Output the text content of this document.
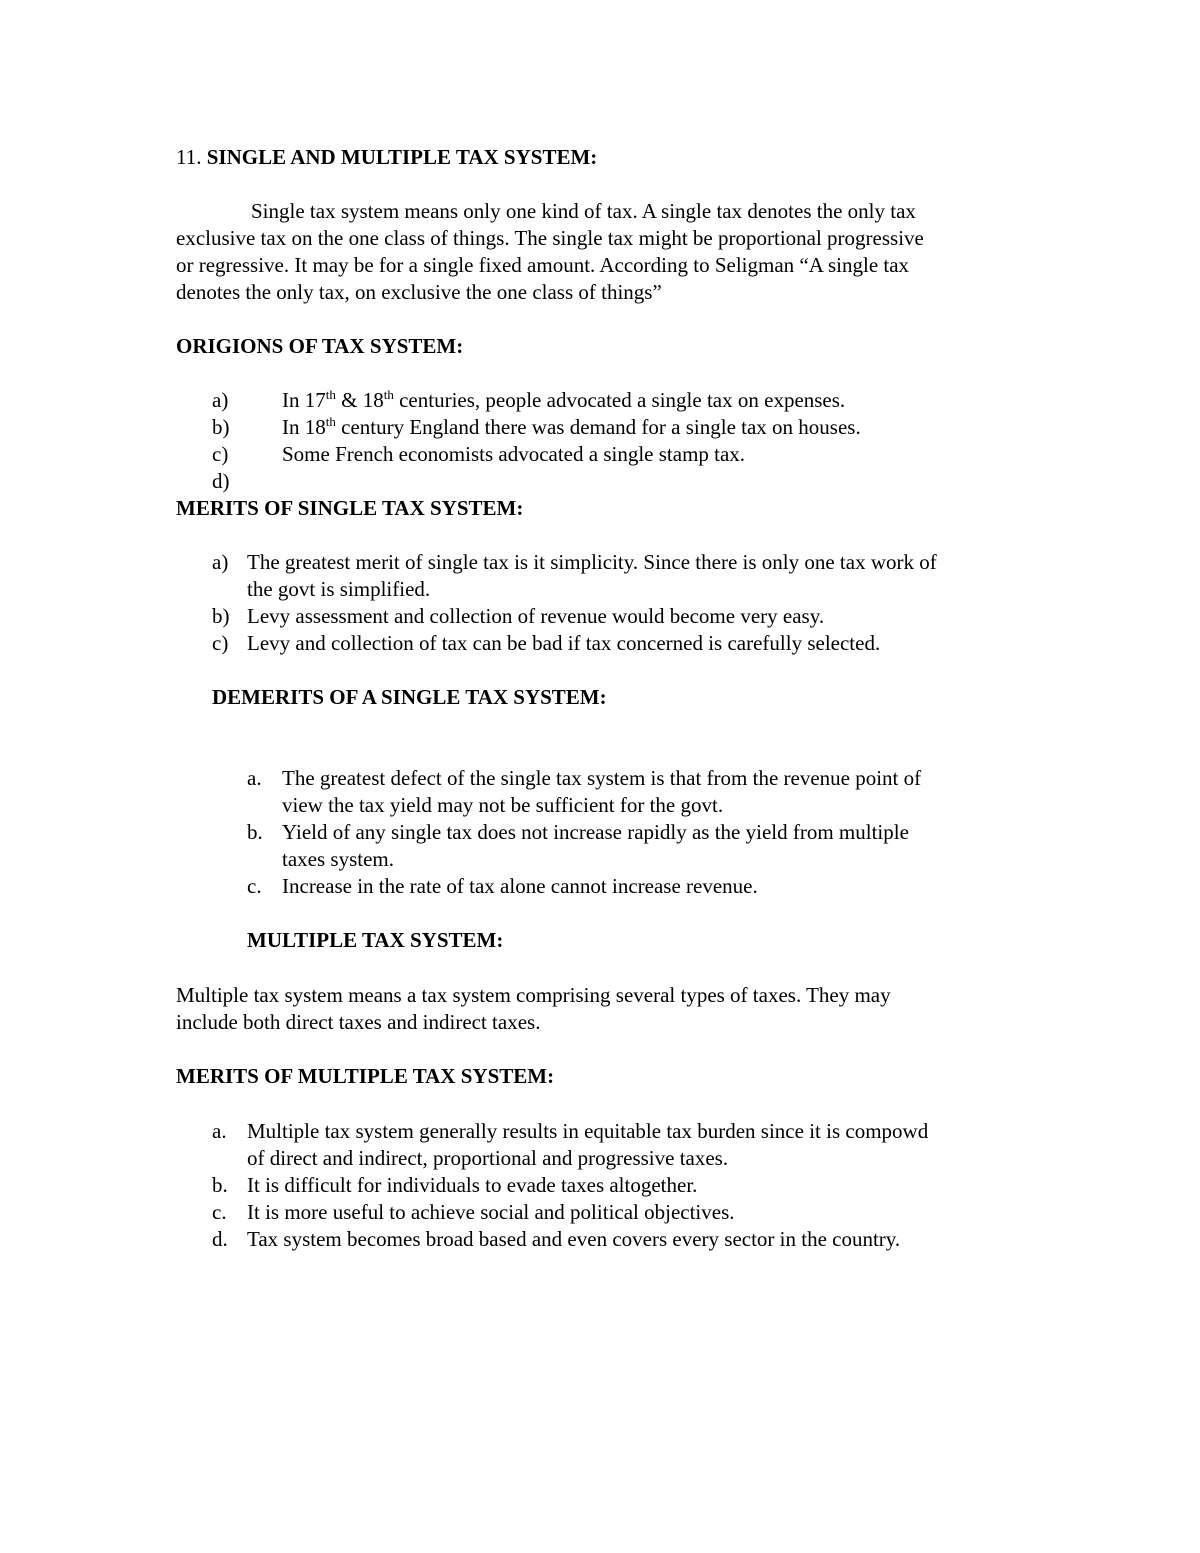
11. SINGLE AND MULTIPLE TAX SYSTEM:
Single tax system means only one kind of tax. A single tax denotes the only tax
exclusive tax on the one class of things. The single tax might be proportional progressive
or regressive. It may be for a single fixed amount. According to Seligman “A single tax
denotes the only tax, on exclusive the one class of things”
ORIGIONS OF TAX SYSTEM:
a)	In 17th & 18th centuries, people advocated a single tax on expenses.
b)	In 18th century England there was demand for a single tax on houses.
c)	Some French economists advocated a single stamp tax.
d)
MERITS OF SINGLE TAX SYSTEM:
a) The greatest merit of single tax is it simplicity. Since there is only one tax work of
the govt is simplified.
b) Levy assessment and collection of revenue would become very easy.
c) Levy and collection of tax can be bad if tax concerned is carefully selected.
DEMERITS OF A SINGLE TAX SYSTEM:
a. The greatest defect of the single tax system is that from the revenue point of
view the tax yield may not be sufficient for the govt.
b. Yield of any single tax does not increase rapidly as the yield from multiple
taxes system.
c. Increase in the rate of tax alone cannot increase revenue.
MULTIPLE TAX SYSTEM:
Multiple tax system means a tax system comprising several types of taxes. They may
include both direct taxes and indirect taxes.
MERITS OF MULTIPLE TAX SYSTEM:
a. Multiple tax system generally results in equitable tax burden since it is compowd
of direct and indirect, proportional and progressive taxes.
b. It is difficult for individuals to evade taxes altogether.
c. It is more useful to achieve social and political objectives.
d. Tax system becomes broad based and even covers every sector in the country.
